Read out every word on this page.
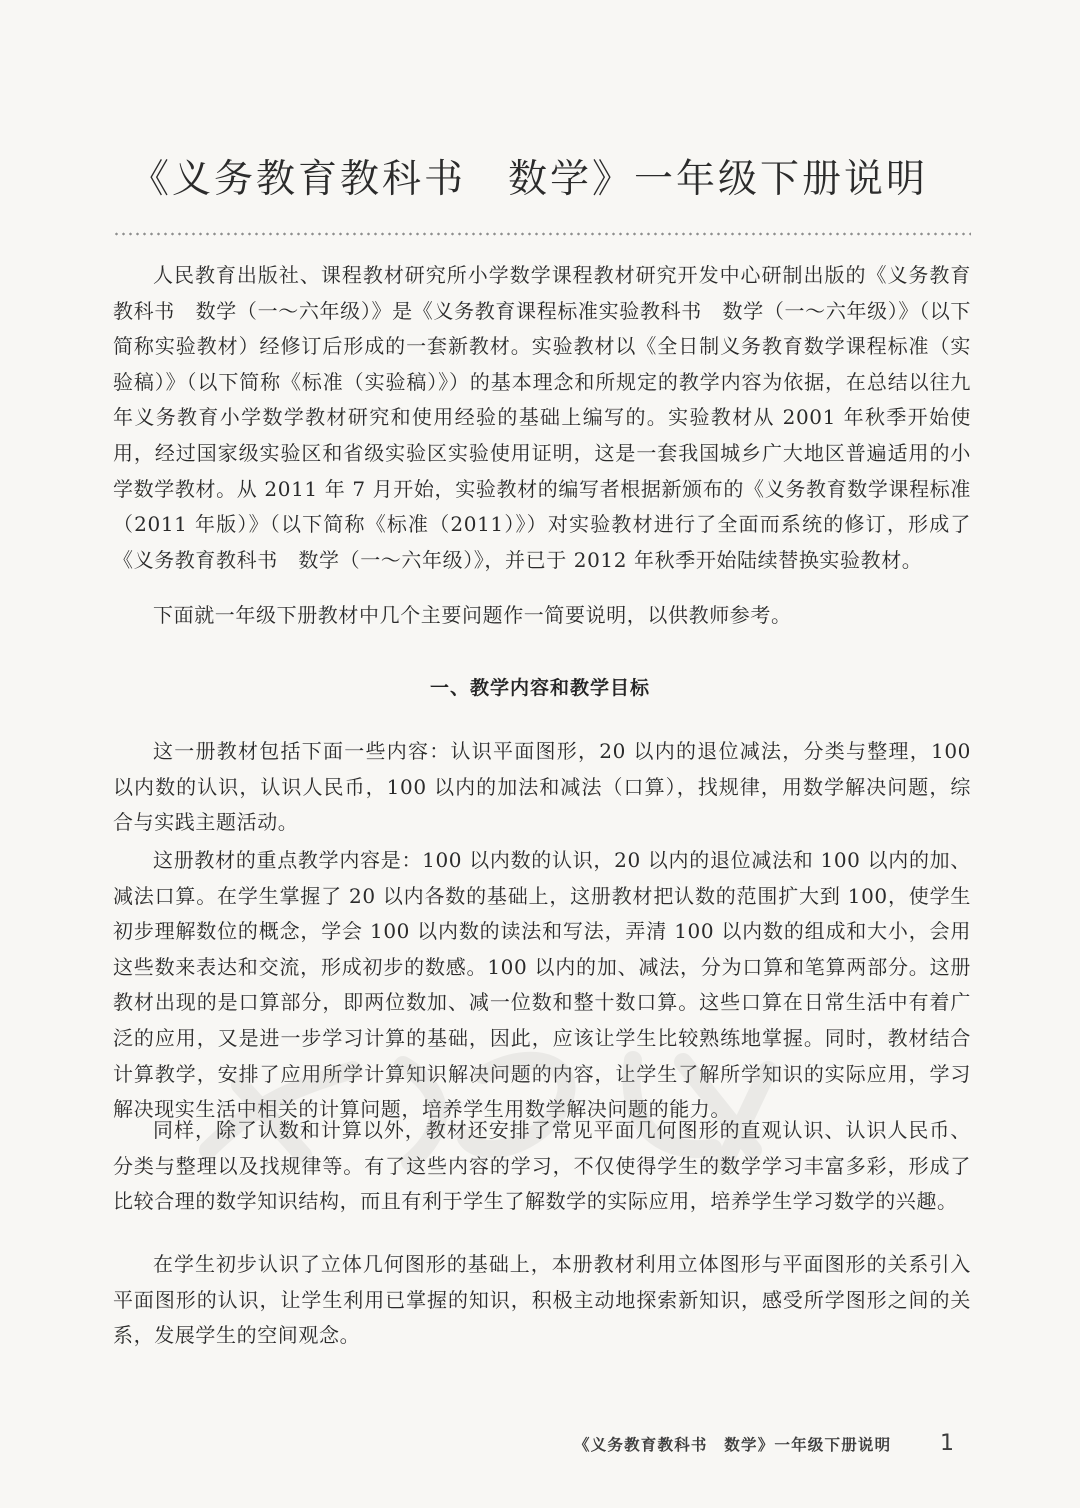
《义务教育教科书　数学》一年级下册说明

人民教育出版社、课程教材研究所小学数学课程教材研究开发中心研制出版的《义务教育教科书　数学（一～六年级）》是《义务教育课程标准实验教科书　数学（一～六年级）》（以下简称实验教材）经修订后形成的一套新教材。实验教材以《全日制义务教育数学课程标准（实验稿）》（以下简称《标准（实验稿）》）的基本理念和所规定的教学内容为依据，在总结以往九年义务教育小学数学教材研究和使用经验的基础上编写的。实验教材从 2001 年秋季开始使用，经过国家级实验区和省级实验区实验使用证明，这是一套我国城乡广大地区普遍适用的小学数学教材。从 2011 年 7 月开始，实验教材的编写者根据新颁布的《义务教育数学课程标准（2011 年版）》（以下简称《标准（2011）》）对实验教材进行了全面而系统的修订，形成了《义务教育教科书　数学（一～六年级）》，并已于 2012 年秋季开始陆续替换实验教材。

下面就一年级下册教材中几个主要问题作一简要说明，以供教师参考。

一、教学内容和教学目标

这一册教材包括下面一些内容：认识平面图形，20 以内的退位减法，分类与整理，100 以内数的认识，认识人民币，100 以内的加法和减法（口算），找规律，用数学解决问题，综合与实践主题活动。

这册教材的重点教学内容是：100 以内数的认识，20 以内的退位减法和 100 以内的加、减法口算。在学生掌握了 20 以内各数的基础上，这册教材把认数的范围扩大到 100，使学生初步理解数位的概念，学会 100 以内数的读法和写法，弄清 100 以内数的组成和大小，会用这些数来表达和交流，形成初步的数感。100 以内的加、减法，分为口算和笔算两部分。这册教材出现的是口算部分，即两位数加、减一位数和整十数口算。这些口算在日常生活中有着广泛的应用，又是进一步学习计算的基础，因此，应该让学生比较熟练地掌握。同时，教材结合计算教学，安排了应用所学计算知识解决问题的内容，让学生了解所学知识的实际应用，学习解决现实生活中相关的计算问题，培养学生用数学解决问题的能力。

同样，除了认数和计算以外，教材还安排了常见平面几何图形的直观认识、认识人民币、分类与整理以及找规律等。有了这些内容的学习，不仅使得学生的数学学习丰富多彩，形成了比较合理的数学知识结构，而且有利于学生了解数学的实际应用，培养学生学习数学的兴趣。

在学生初步认识了立体几何图形的基础上，本册教材利用立体图形与平面图形的关系引入平面图形的认识，让学生利用已掌握的知识，积极主动地探索新知识，感受所学图形之间的关系，发展学生的空间观念。

《义务教育教科书　数学》一年级下册说明 1
